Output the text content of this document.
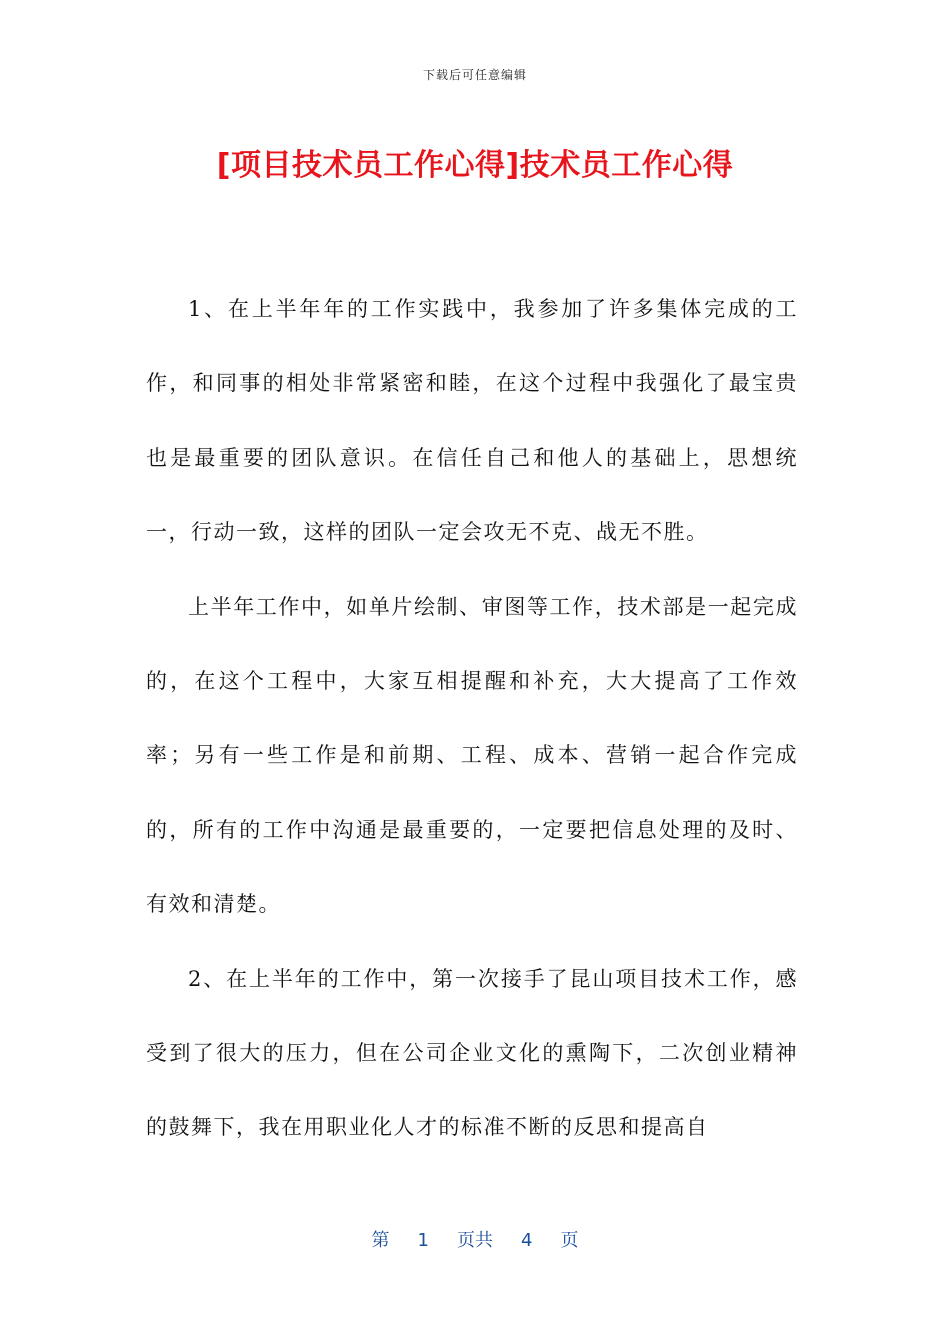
下载后可任意编辑
[项目技术员工作心得]技术员工作心得

1、在上半年年的工作实践中，我参加了许多集体完成的工作，和同事的相处非常紧密和睦，在这个过程中我强化了最宝贵也是最重要的团队意识。在信任自己和他人的基础上，思想统一，行动一致，这样的团队一定会攻无不克、战无不胜。

上半年工作中，如单片绘制、审图等工作，技术部是一起完成的，在这个工程中，大家互相提醒和补充，大大提高了工作效率；另有一些工作是和前期、工程、成本、营销一起合作完成的，所有的工作中沟通是最重要的，一定要把信息处理的及时、有效和清楚。

2、在上半年的工作中，第一次接手了昆山项目技术工作，感受到了很大的压力，但在公司企业文化的熏陶下，二次创业精神的鼓舞下，我在用职业化人才的标准不断的反思和提高自

第 1 页共 4 页
